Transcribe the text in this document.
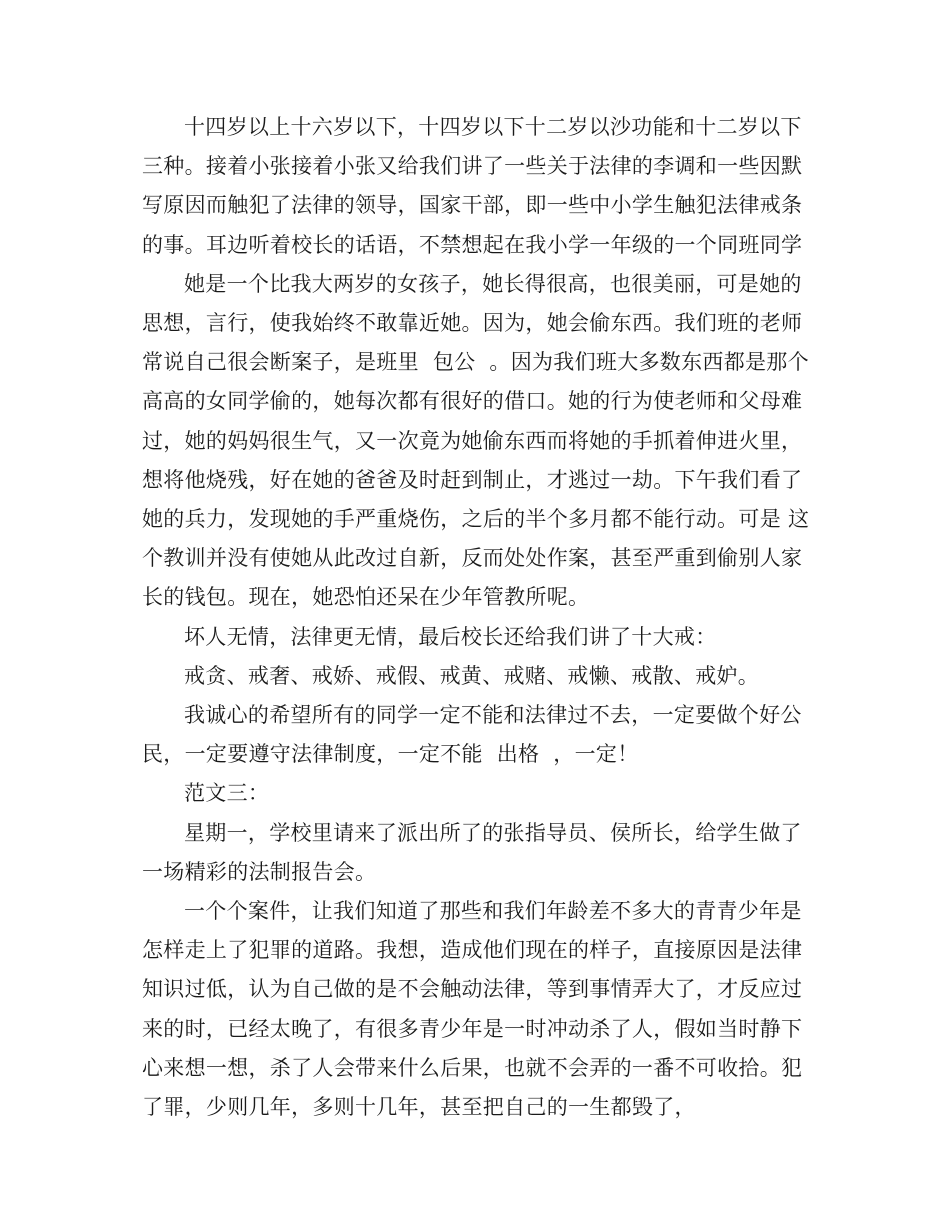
十四岁以上十六岁以下，十四岁以下十二岁以沙功能和十二岁以下三种。接着小张接着小张又给我们讲了一些关于法律的李调和一些因默写原因而触犯了法律的领导，国家干部，即一些中小学生触犯法律戒条的事。耳边听着校长的话语，不禁想起在我小学一年级的一个同班同学

她是一个比我大两岁的女孩子，她长得很高，也很美丽，可是她的思想，言行，使我始终不敢靠近她。因为，她会偷东西。我们班的老师常说自己很会断案子，是班里  包公  。因为我们班大多数东西都是那个高高的女同学偷的，她每次都有很好的借口。她的行为使老师和父母难过，她的妈妈很生气，又一次竟为她偷东西而将她的手抓着伸进火里，想将他烧残，好在她的爸爸及时赶到制止，才逃过一劫。下午我们看了她的兵力，发现她的手严重烧伤，之后的半个多月都不能行动。可是 这个教训并没有使她从此改过自新，反而处处作案，甚至严重到偷别人家长的钱包。现在，她恐怕还呆在少年管教所呢。

坏人无情，法律更无情，最后校长还给我们讲了十大戒：

戒贪、戒奢、戒娇、戒假、戒黄、戒赌、戒懒、戒散、戒妒。

我诚心的希望所有的同学一定不能和法律过不去，一定要做个好公民，一定要遵守法律制度，一定不能  出格  ，一定！

范文三：

星期一，学校里请来了派出所了的张指导员、侯所长，给学生做了一场精彩的法制报告会。

一个个案件，让我们知道了那些和我们年龄差不多大的青青少年是怎样走上了犯罪的道路。我想，造成他们现在的样子，直接原因是法律知识过低，认为自己做的是不会触动法律，等到事情弄大了，才反应过来的时，已经太晚了，有很多青少年是一时冲动杀了人，假如当时静下心来想一想，杀了人会带来什么后果，也就不会弄的一番不可收拾。犯了罪，少则几年，多则十几年，甚至把自己的一生都毁了，
